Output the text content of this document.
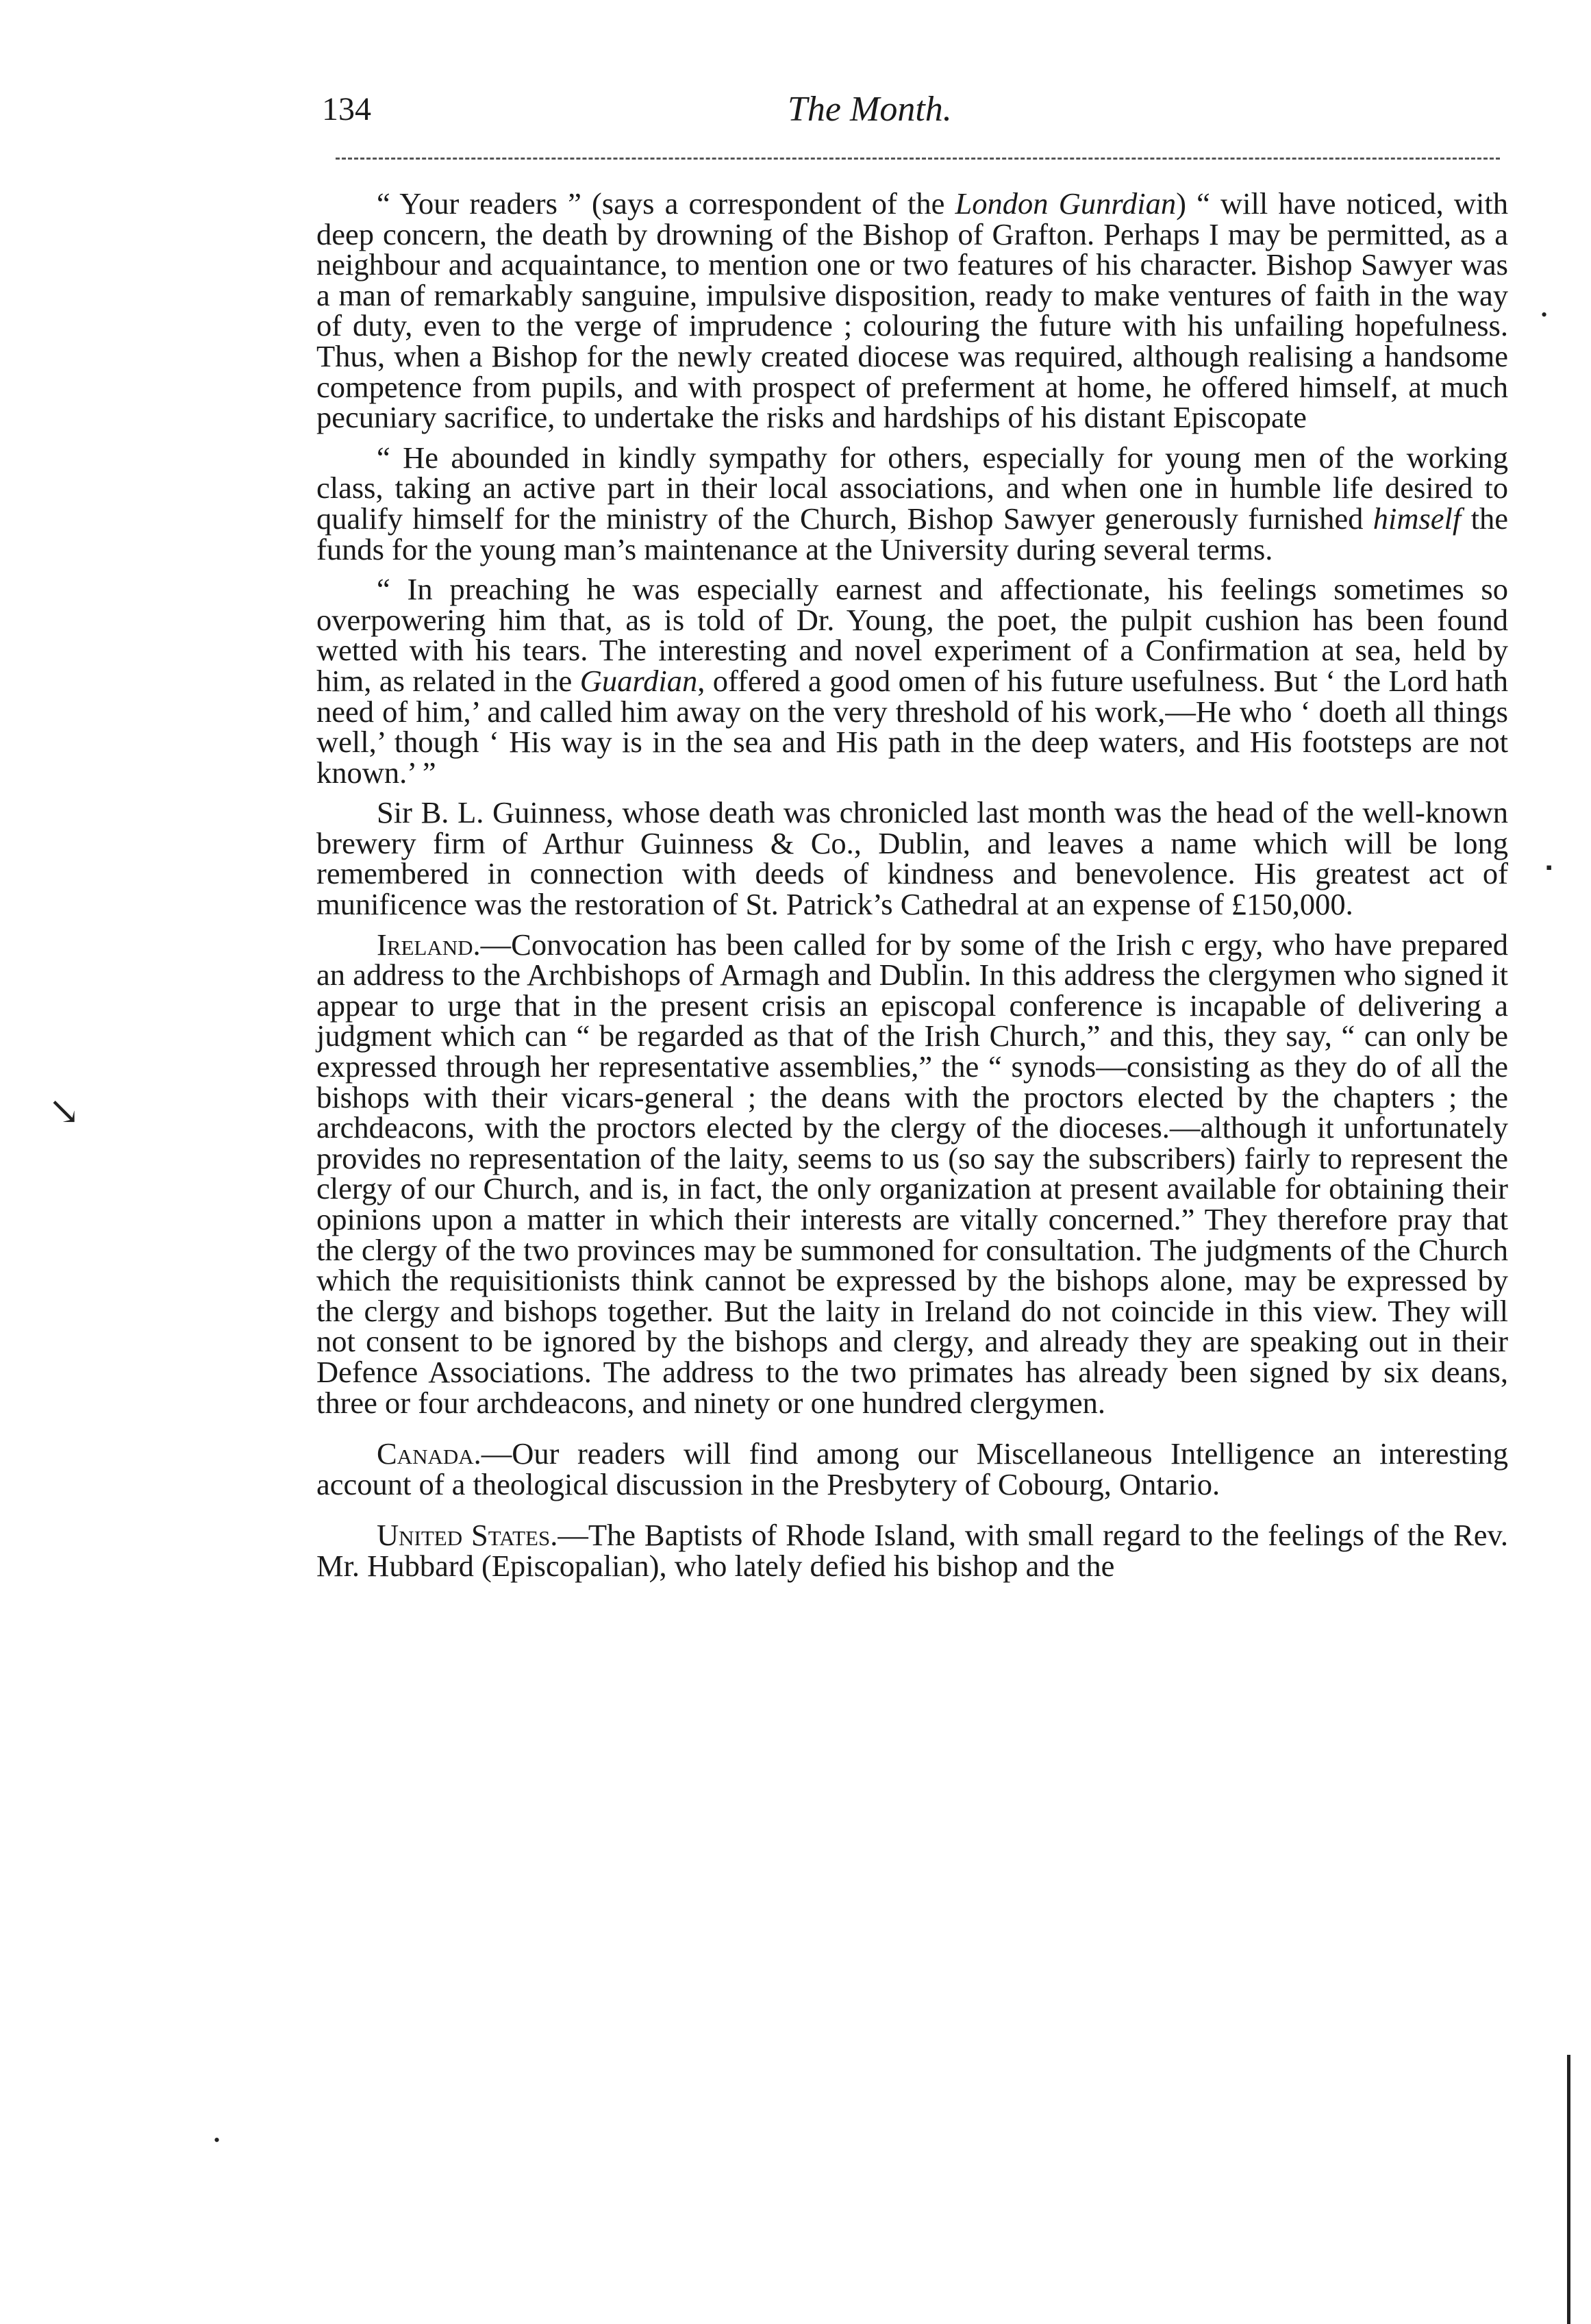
134	The Month.

“ Your readers ” (says a correspondent of the London Gunrdian) “ will have noticed, with deep concern, the death by drowning of the Bishop of Grafton. Perhaps I may be permitted, as a neighbour and acquaintance, to mention one or two features of his character. Bishop Sawyer was a man of remarkably sanguine, impulsive disposition, ready to make ventures of faith in the way of duty, even to the verge of imprudence ; colouring the future with his unfailing hopefulness. Thus, when a Bishop for the newly created diocese was required, although realising a handsome competence from pupils, and with prospect of preferment at home, he offered himself, at much pecuniary sacrifice, to undertake the risks and hardships of his distant Episcopate

“ He abounded in kindly sympathy for others, especially for young men of the working class, taking an active part in their local associations, and when one in humble life desired to qualify himself for the ministry of the Church, Bishop Sawyer generously furnished himself the funds for the young man’s maintenance at the University during several terms.

“ In preaching he was especially earnest and affectionate, his feelings sometimes so overpowering him that, as is told of Dr. Young, the poet, the pulpit cushion has been found wetted with his tears. The interesting and novel experiment of a Confirmation at sea, held by him, as related in the Guardian, offered a good omen of his future usefulness. But ‘ the Lord hath need of him,’ and called him away on the very threshold of his work,—He who ‘ doeth all things well,’ though ‘ His way is in the sea and His path in the deep waters, and His footsteps are not known.’ ”

Sir B. L. Guinness, whose death was chronicled last month was the head of the well-known brewery firm of Arthur Guinness & Co., Dublin, and leaves a name which will be long remembered in connection with deeds of kindness and benevolence. His greatest act of munificence was the restoration of St. Patrick’s Cathedral at an expense of £150,000.

Ireland.—Convocation has been called for by some of the Irish c ergy, who have prepared an address to the Archbishops of Armagh and Dublin. In this address the clergymen who signed it appear to urge that in the present crisis an episcopal conference is incapable of delivering a judgment which can “ be regarded as that of the Irish Church,” and this, they say, “ can only be expressed through her representative assemblies,” the “ synods—consisting as they do of all the bishops with their vicars-general ; the deans with the proctors elected by the chapters ; the archdeacons, with the proctors elected by the clergy of the dioceses.—although it unfortunately provides no representation of the laity, seems to us (so say the subscribers) fairly to represent the clergy of our Church, and is, in fact, the only organization at present available for obtaining their opinions upon a matter in which their interests are vitally concerned.” They therefore pray that the clergy of the two provinces may be summoned for consultation. The judgments of the Church which the requisitionists think cannot be expressed by the bishops alone, may be expressed by the clergy and bishops together. But the laity in Ireland do not coincide in this view. They will not consent to be ignored by the bishops and clergy, and already they are speaking out in their Defence Associations. The address to the two primates has already been signed by six deans, three or four archdeacons, and ninety or one hundred clergymen.

Canada.—Our readers will find among our Miscellaneous Intelligence an interesting account of a theological discussion in the Presbytery of Cobourg, Ontario.

United States.—The Baptists of Rhode Island, with small regard to the feelings of the Rev. Mr. Hubbard (Episcopalian), who lately defied his bishop and the

↘
•
•
▪
